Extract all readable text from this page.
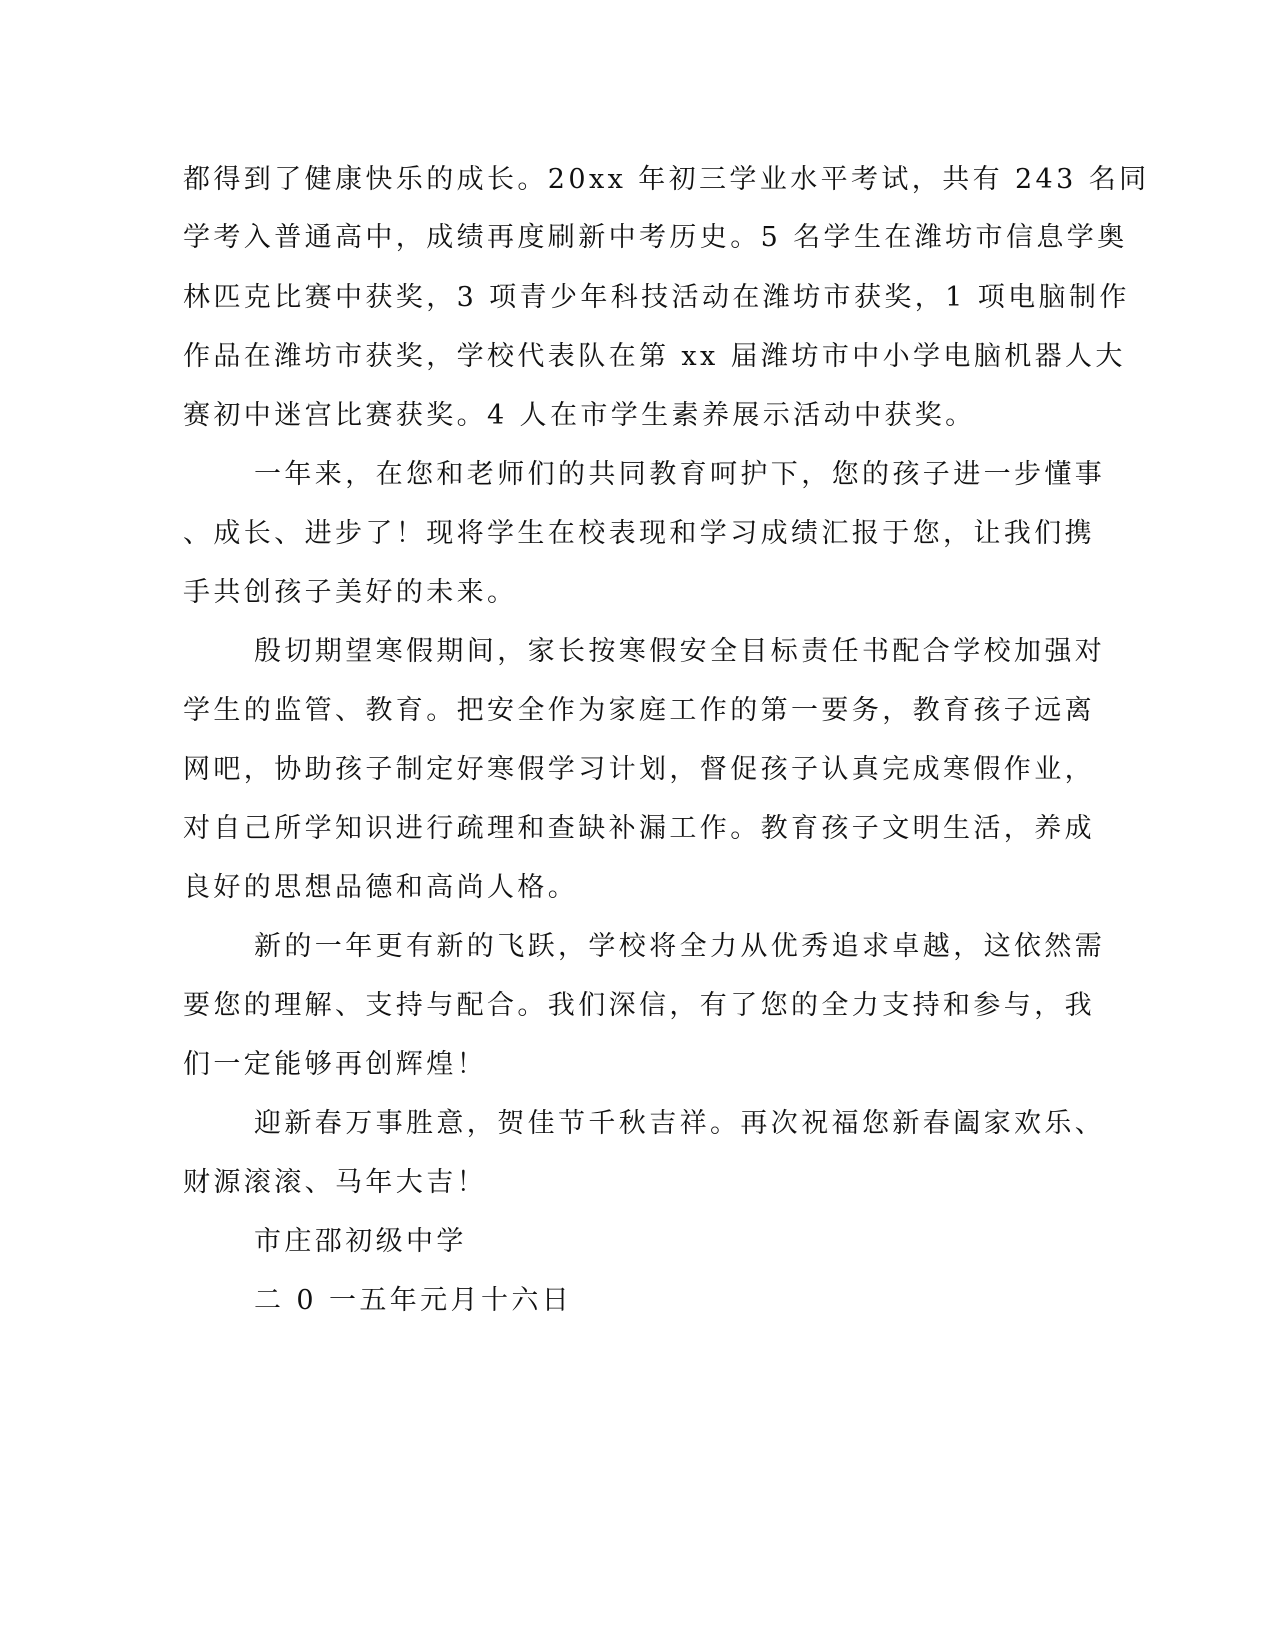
都得到了健康快乐的成长。20xx 年初三学业水平考试，共有 243 名同
学考入普通高中，成绩再度刷新中考历史。5 名学生在潍坊市信息学奥
林匹克比赛中获奖，3 项青少年科技活动在潍坊市获奖，1 项电脑制作
作品在潍坊市获奖，学校代表队在第 xx 届潍坊市中小学电脑机器人大
赛初中迷宫比赛获奖。4 人在市学生素养展示活动中获奖。
一年来，在您和老师们的共同教育呵护下，您的孩子进一步懂事
、成长、进步了！现将学生在校表现和学习成绩汇报于您，让我们携
手共创孩子美好的未来。
殷切期望寒假期间，家长按寒假安全目标责任书配合学校加强对
学生的监管、教育。把安全作为家庭工作的第一要务，教育孩子远离
网吧，协助孩子制定好寒假学习计划，督促孩子认真完成寒假作业，
对自己所学知识进行疏理和查缺补漏工作。教育孩子文明生活，养成
良好的思想品德和高尚人格。
新的一年更有新的飞跃，学校将全力从优秀追求卓越，这依然需
要您的理解、支持与配合。我们深信，有了您的全力支持和参与，我
们一定能够再创辉煌！
迎新春万事胜意，贺佳节千秋吉祥。再次祝福您新春阖家欢乐、
财源滚滚、马年大吉！
市庄邵初级中学
二 0 一五年元月十六日
